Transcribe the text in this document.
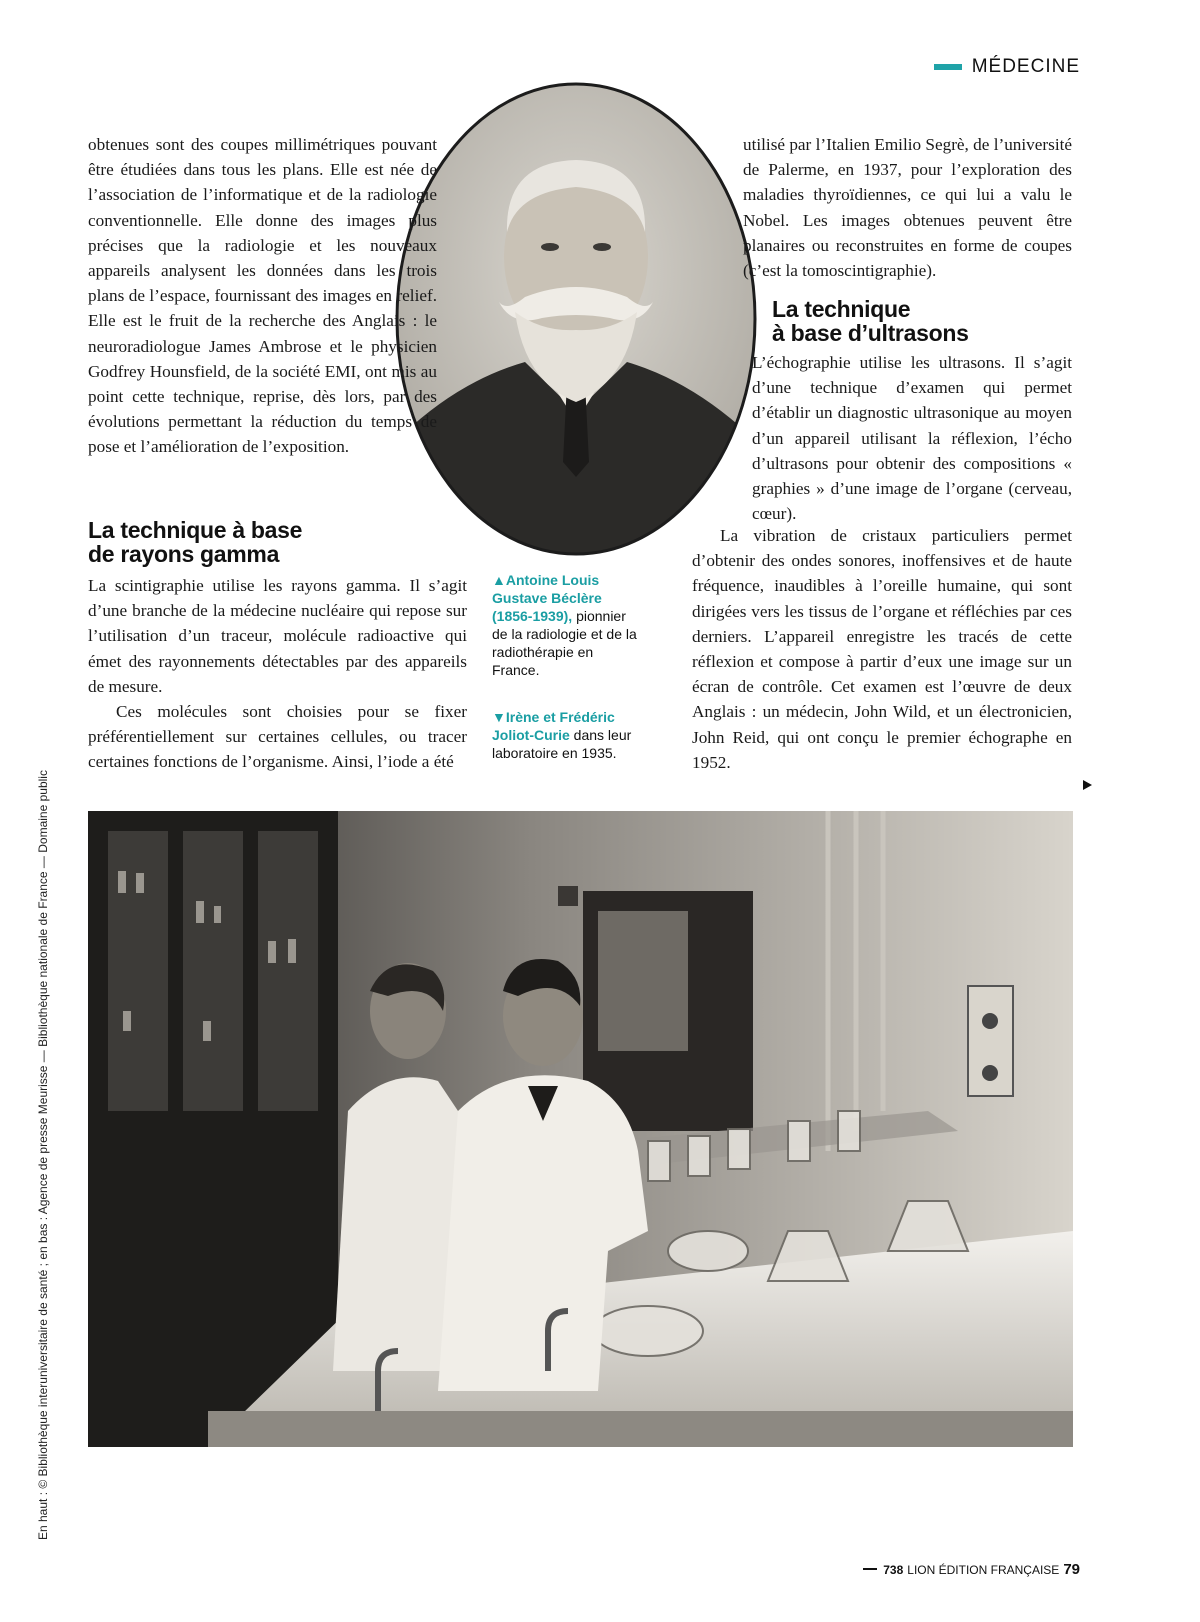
MÉDECINE

obtenues sont des coupes millimétriques pouvant être étudiées dans tous les plans. Elle est née de l’association de l’informatique et de la radiologie conventionnelle. Elle donne des images plus précises que la radiologie et les nouveaux appareils analysent les données dans les trois plans de l’espace, fournissant des images en relief. Elle est le fruit de la recherche des Anglais : le neuroradiologue James Ambrose et le physicien Godfrey Hounsfield, de la société EMI, ont mis au point cette technique, reprise, dès lors, par des évolutions permettant la réduction du temps de pose et l’amélioration de l’exposition.

La technique à base
de rayons gamma

La scintigraphie utilise les rayons gamma. Il s’agit d’une branche de la médecine nucléaire qui repose sur l’utilisation d’un traceur, molécule radioactive qui émet des rayonnements détectables par des appareils de mesure.

Ces molécules sont choisies pour se fixer préférentiellement sur certaines cellules, ou tracer certaines fonctions de l’organisme. Ainsi, l’iode a été

utilisé par l’Italien Emilio Segrè, de l’université de Palerme, en 1937, pour l’exploration des maladies thyroïdiennes, ce qui lui a valu le Nobel. Les images obtenues peuvent être planaires ou reconstruites en forme de coupes (c’est la tomoscintigraphie).

La technique
à base d’ultrasons

L’échographie utilise les ultrasons. Il s’agit d’une technique d’examen qui permet d’établir un diagnostic ultrasonique au moyen d’un appareil utilisant la réflexion, l’écho d’ultrasons pour obtenir des compositions « graphies » d’une image de l’organe (cerveau, cœur).

La vibration de cristaux particuliers permet d’obtenir des ondes sonores, inoffensives et de haute fréquence, inaudibles à l’oreille humaine, qui sont dirigées vers les tissus de l’organe et réfléchies par ces derniers. L’appareil enregistre les tracés de cette réflexion et compose à partir d’eux une image sur un écran de contrôle. Cet examen est l’œuvre de deux Anglais : un médecin, John Wild, et un électronicien, John Reid, qui ont conçu le premier échographe en 1952.

▲Antoine Louis Gustave Béclère (1856-1939), pionnier de la radiologie et de la radiothérapie en France.
▼Irène et Frédéric Joliot-Curie dans leur laboratoire en 1935.
En haut : © Bibliothèque interuniversitaire de santé ; en bas : Agence de presse Meurisse — Bibliothèque nationale de France — Domaine public
738 LION ÉDITION FRANÇAISE 79
